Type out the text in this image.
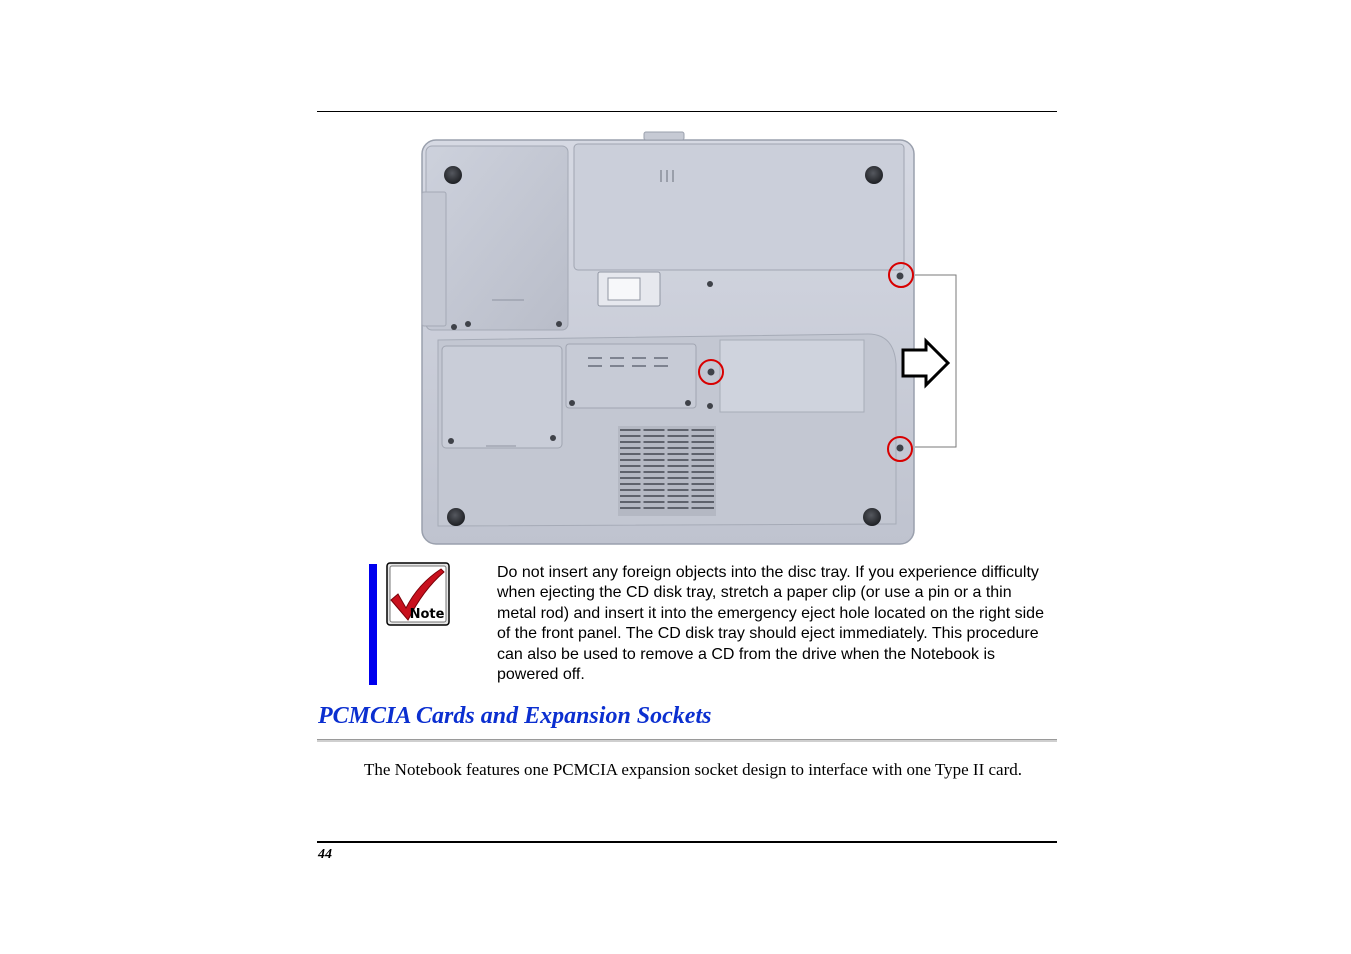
Note
Do not insert any foreign objects into the disc tray. If you experience difficulty when ejecting the CD disk tray, stretch a paper clip (or use a pin or a thin metal rod) and insert it into the emergency eject hole located on the right side of the front panel. The CD disk tray should eject immediately. This procedure can also be used to remove a CD from the drive when the Notebook is powered off.
PCMCIA Cards and Expansion Sockets
The Notebook features one PCMCIA expansion socket design to interface with one Type II card.
44
